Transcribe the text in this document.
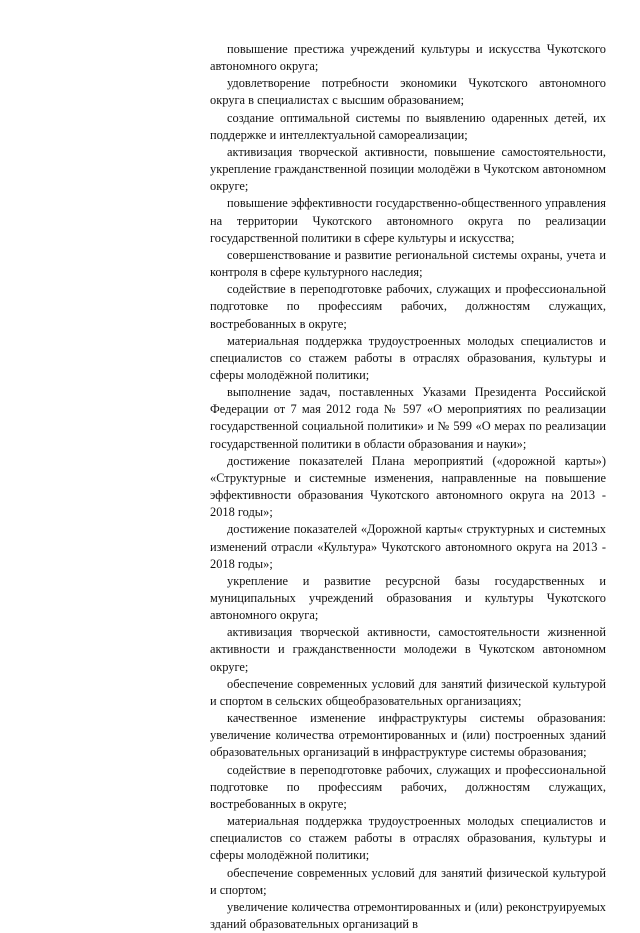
повышение престижа учреждений культуры и искусства Чукотского автономного округа;

удовлетворение потребности экономики Чукотского автономного округа в специалистах с высшим образованием;

создание оптимальной системы по выявлению одаренных детей, их поддержке и интеллектуальной самореализации;

активизация творческой активности, повышение самостоятельности, укрепление гражданственной позиции молодёжи в Чукотском автономном округе;

повышение эффективности государственно-общественного управления на территории Чукотского автономного округа по реализации государственной политики в сфере культуры и искусства;

совершенствование и развитие региональной системы охраны, учета и контроля в сфере культурного наследия;

содействие в переподготовке рабочих, служащих и профессиональной подготовке по профессиям рабочих, должностям служащих, востребованных в округе;

материальная поддержка трудоустроенных молодых специалистов и специалистов со стажем работы в отраслях образования, культуры и сферы молодёжной политики;

выполнение задач, поставленных Указами Президента Российской Федерации от 7 мая 2012 года № 597 «О мероприятиях по реализации государственной социальной политики» и № 599 «О мерах по реализации государственной политики в области образования и науки»;

достижение показателей Плана мероприятий («дорожной карты») «Структурные и системные изменения, направленные на повышение эффективности образования Чукотского автономного округа на 2013 - 2018 годы»;

достижение показателей «Дорожной карты« структурных и системных изменений отрасли «Культура» Чукотского автономного округа на 2013 - 2018 годы»;

укрепление и развитие ресурсной базы государственных и муниципальных учреждений образования и культуры Чукотского автономного округа;

активизация творческой активности, самостоятельности жизненной активности и гражданственности молодежи в Чукотском автономном округе;

обеспечение современных условий для занятий физической культурой и спортом в сельских общеобразовательных организациях;

качественное изменение инфраструктуры системы образования: увеличение количества отремонтированных и (или) построенных зданий образовательных организаций в инфраструктуре системы образования;

содействие в переподготовке рабочих, служащих и профессиональной подготовке по профессиям рабочих, должностям служащих, востребованных в округе;

материальная поддержка трудоустроенных молодых специалистов и специалистов со стажем работы в отраслях образования, культуры и сферы молодёжной политики;

обеспечение современных условий для занятий физической культурой и спортом;

увеличение количества отремонтированных и (или) реконструируемых зданий образовательных организаций в
